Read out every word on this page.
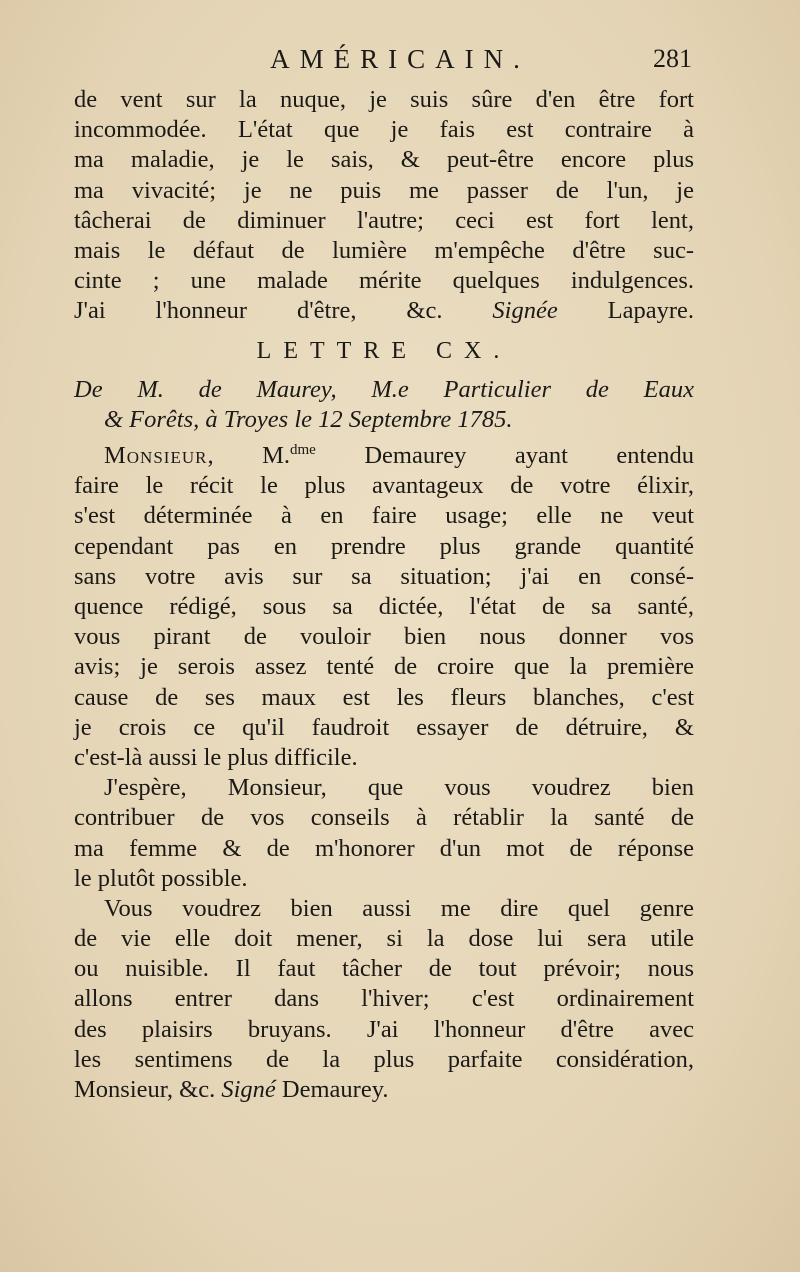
AMÉRICAIN.	281
de vent sur la nuque, je suis sûre d'en être fort
incommodée. L'état que je fais est contraire à
ma maladie, je le sais, & peut-être encore plus
ma vivacité; je ne puis me passer de l'un, je
tâcherai de diminuer l'autre; ceci est fort lent,
mais le défaut de lumière m'empêche d'être suc-
cinte ; une malade mérite quelques indulgences.
J'ai l'honneur d'être, &c. Signée Lapayre.
LETTRE CX.
De M. de Maurey, M.e Particulier de Eaux
& Forêts, à Troyes le 12 Septembre 1785.
Monsieur, M.$^{dme}$ Demaurey ayant entendu
faire le récit le plus avantageux de votre élixir,
s'est déterminée à en faire usage; elle ne veut
cependant pas en prendre plus grande quantité
sans votre avis sur sa situation; j'ai en consé-
quence rédigé, sous sa dictée, l'état de sa santé,
vous pirant de vouloir bien nous donner vos
avis; je serois assez tenté de croire que la première
cause de ses maux est les fleurs blanches, c'est
je crois ce qu'il faudroit essayer de détruire, &
c'est-là aussi le plus difficile.
J'espère, Monsieur, que vous voudrez bien
contribuer de vos conseils à rétablir la santé de
ma femme & de m'honorer d'un mot de réponse
le plutôt possible.
Vous voudrez bien aussi me dire quel genre
de vie elle doit mener, si la dose lui sera utile
ou nuisible. Il faut tâcher de tout prévoir; nous
allons entrer dans l'hiver; c'est ordinairement
des plaisirs bruyans. J'ai l'honneur d'être avec
les sentimens de la plus parfaite considération,
Monsieur, &c. Signé Demaurey.
